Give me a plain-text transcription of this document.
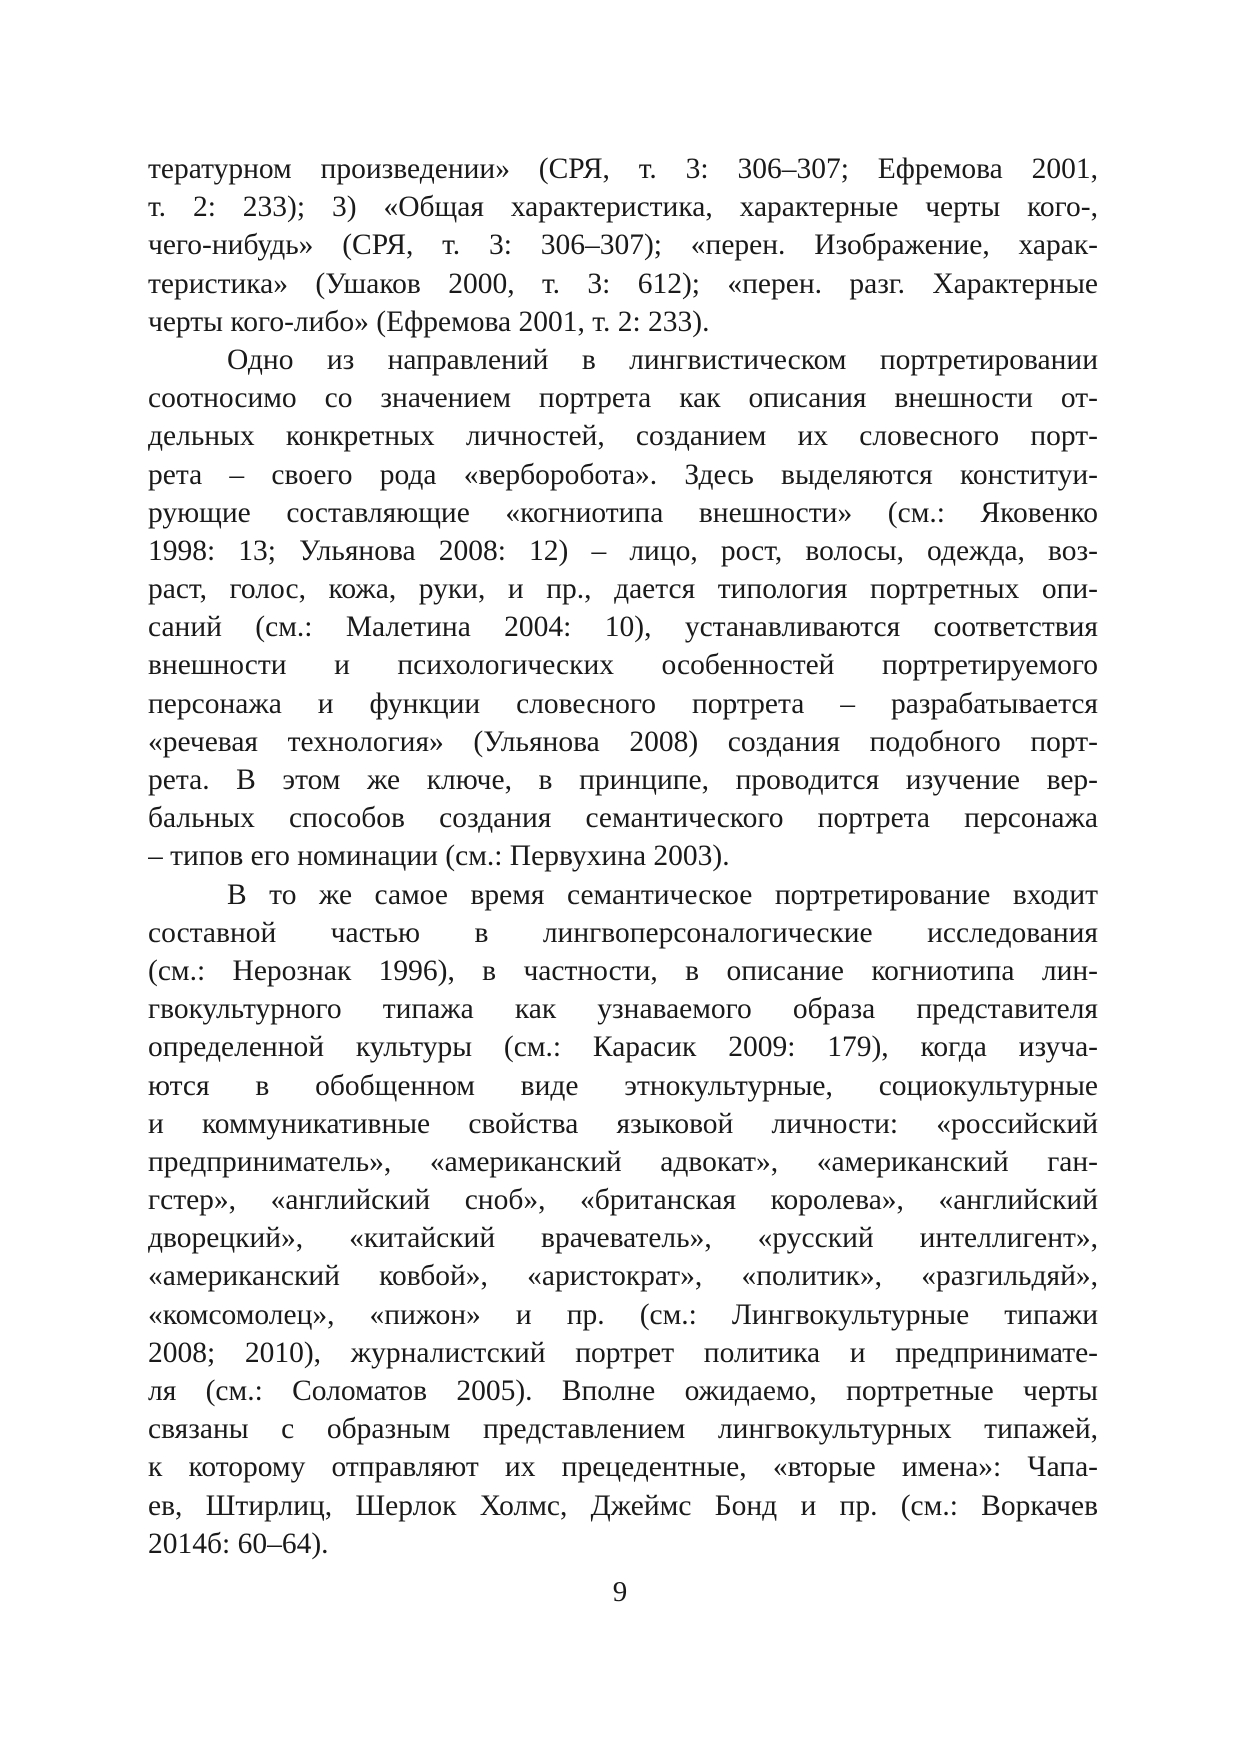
тературном произведении» (СРЯ, т. 3: 306–307; Ефремова 2001,
т. 2: 233); 3) «Общая характеристика, характерные черты кого-,
чего-нибудь» (СРЯ, т. 3: 306–307); «перен. Изображение, харак-
теристика» (Ушаков 2000, т. 3: 612); «перен. разг. Характерные
черты кого-либо» (Ефремова 2001, т. 2: 233).
Одно из направлений в лингвистическом портретировании
соотносимо со значением портрета как описания внешности от-
дельных конкретных личностей, созданием их словесного порт-
рета – своего рода «верборобота». Здесь выделяются конституи-
рующие составляющие «когниотипа внешности» (см.: Яковенко
1998: 13; Ульянова 2008: 12) – лицо, рост, волосы, одежда, воз-
раст, голос, кожа, руки, и пр., дается типология портретных опи-
саний (см.: Малетина 2004: 10), устанавливаются соответствия
внешности и психологических особенностей портретируемого
персонажа и функции словесного портрета – разрабатывается
«речевая технология» (Ульянова 2008) создания подобного порт-
рета. В этом же ключе, в принципе, проводится изучение вер-
бальных способов создания семантического портрета персонажа
– типов его номинации (см.: Первухина 2003).
В то же самое время семантическое портретирование входит
составной частью в лингвоперсоналогические исследования
(см.: Нерознак 1996), в частности, в описание когниотипа лин-
гвокультурного типажа как узнаваемого образа представителя
определенной культуры (см.: Карасик 2009: 179), когда изуча-
ются в обобщенном виде этнокультурные, социокультурные
и коммуникативные свойства языковой личности: «российский
предприниматель», «американский адвокат», «американский ган-
гстер», «английский сноб», «британская королева», «английский
дворецкий», «китайский врачеватель», «русский интеллигент»,
«американский ковбой», «аристократ», «политик», «разгильдяй»,
«комсомолец», «пижон» и пр. (см.: Лингвокультурные типажи
2008; 2010), журналистский портрет политика и предпринимате-
ля (см.: Соломатов 2005). Вполне ожидаемо, портретные черты
связаны с образным представлением лингвокультурных типажей,
к которому отправляют их прецедентные, «вторые имена»: Чапа-
ев, Штирлиц, Шерлок Холмс, Джеймс Бонд и пр. (см.: Воркачев
2014б: 60–64).
9
